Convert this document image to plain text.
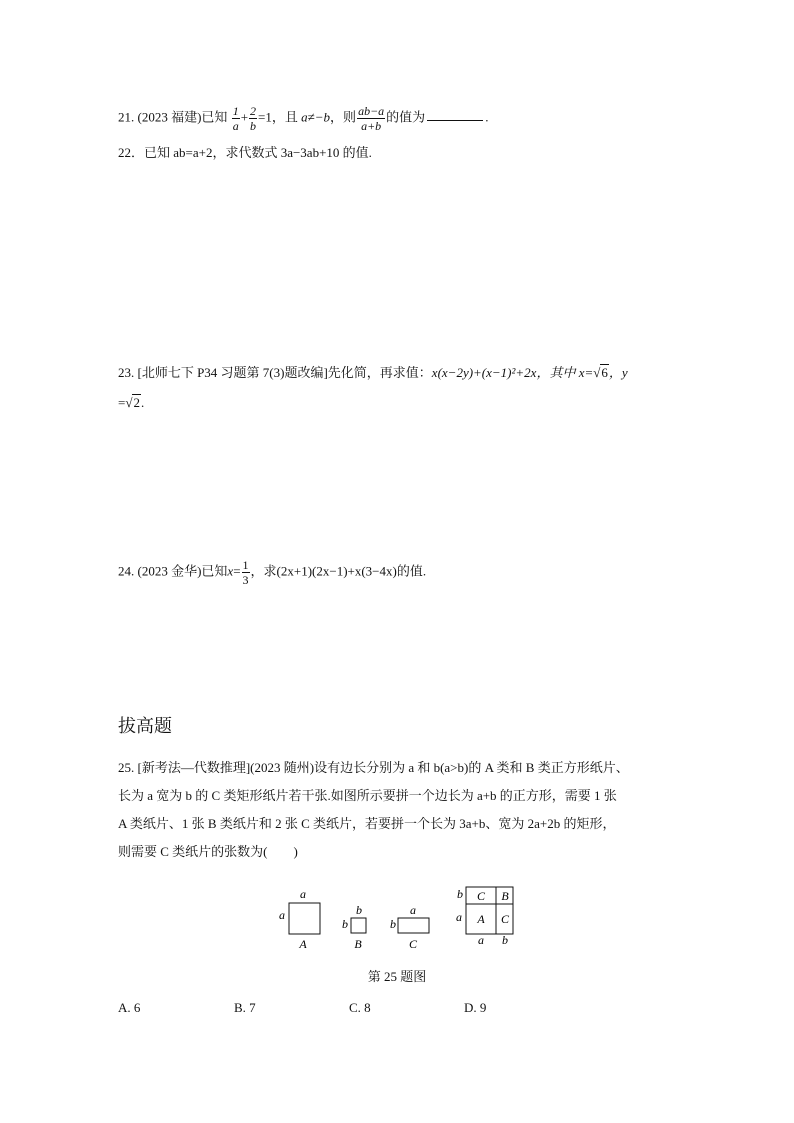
21. (2023 福建)已知 $\frac{1}{a} + \frac{2}{b} =1$，且 a≠−b，则 $\frac{ab-a}{a+b}$ 的值为	.
22．已知 ab=a+2，求代数式 3a−3ab+10 的值.
23. [北师七下 P34 习题第 7(3)题改编]先化简，再求值：x(x−2y)+(x−1)²+2x，其中 x=√6，y
=√2.
24. (2023 金华)已知$x= \frac{1}{3}$ ，求(2x+1)(2x−1)+x(3−4x)的值.
拔高题
25. [新考法—代数推理](2023 随州)设有边长分别为 a 和 b(a>b)的 A 类和 B 类正方形纸片、
长为 a 宽为 b 的 C 类矩形纸片若干张.如图所示要拼一个边长为 a+b 的正方形，需要 1 张
A 类纸片、1 张 B 类纸片和 2 张 C 类纸片，若要拼一个长为 3a+b、宽为 2a+2b 的矩形，
则需要 C 类纸片的张数为(　　)
a
a
A
b
b
B
a
b
C
b
a
C B
A C
a b
第 25 题图
A. 6	B. 7	C. 8	D. 9
